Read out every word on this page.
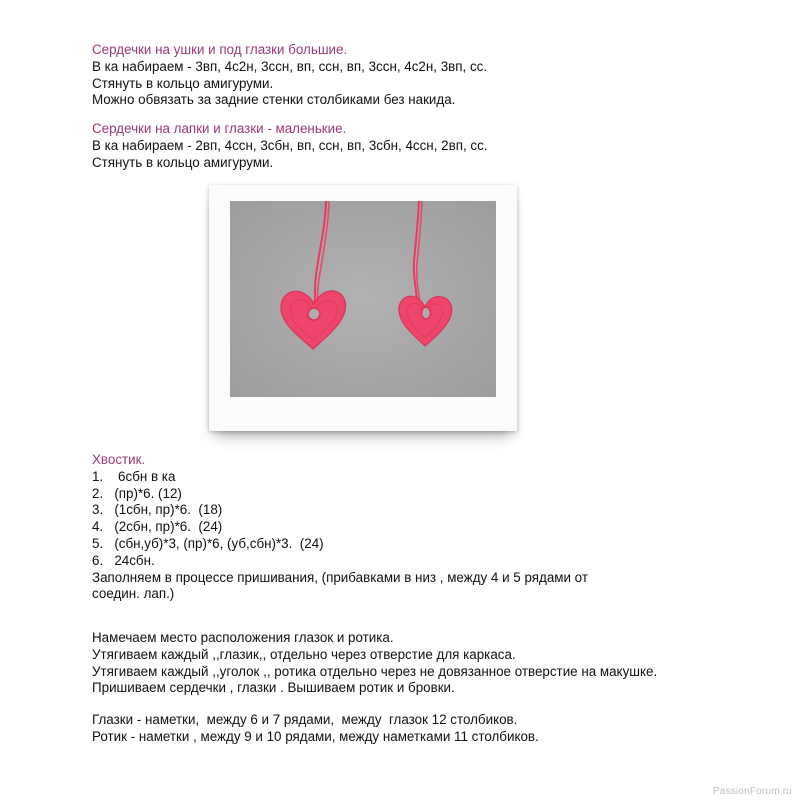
Сердечки на ушки и под глазки большие.
В ка набираем - 3вп, 4с2н, 3ссн, вп, ссн, вп, 3ссн, 4с2н, 3вп, сс.
Стянуть в кольцо амигуруми.
Можно обвязать за задние стенки столбиками без накида.
Сердечки на лапки и глазки - маленькие.
В ка набираем - 2вп, 4ссн, 3сбн, вп, ссн, вп, 3сбн, 4ссн, 2вп, сс.
Стянуть в кольцо амигуруми.
Хвостик.
1.    6сбн в ка
2.   (пр)*6. (12)
3.   (1сбн, пр)*6.  (18)
4.   (2сбн, пр)*6.  (24)
5.   (сбн,уб)*3, (пр)*6, (уб,сбн)*3.  (24)
6.   24сбн.
Заполняем в процессе пришивания, (прибавками в низ , между 4 и 5 рядами от
соедин. лап.)
Намечаем место расположения глазок и ротика.
Утягиваем каждый ,,глазик,, отдельно через отверстие для каркаса.
Утягиваем каждый ,,уголок ,, ротика отдельно через не довязанное отверстие на макушке.
Пришиваем сердечки , глазки . Вышиваем ротик и бровки.
Глазки - наметки,  между 6 и 7 рядами,  между  глазок 12 столбиков.
Ротик - наметки , между 9 и 10 рядами, между наметками 11 столбиков.
PassionForum.ru
